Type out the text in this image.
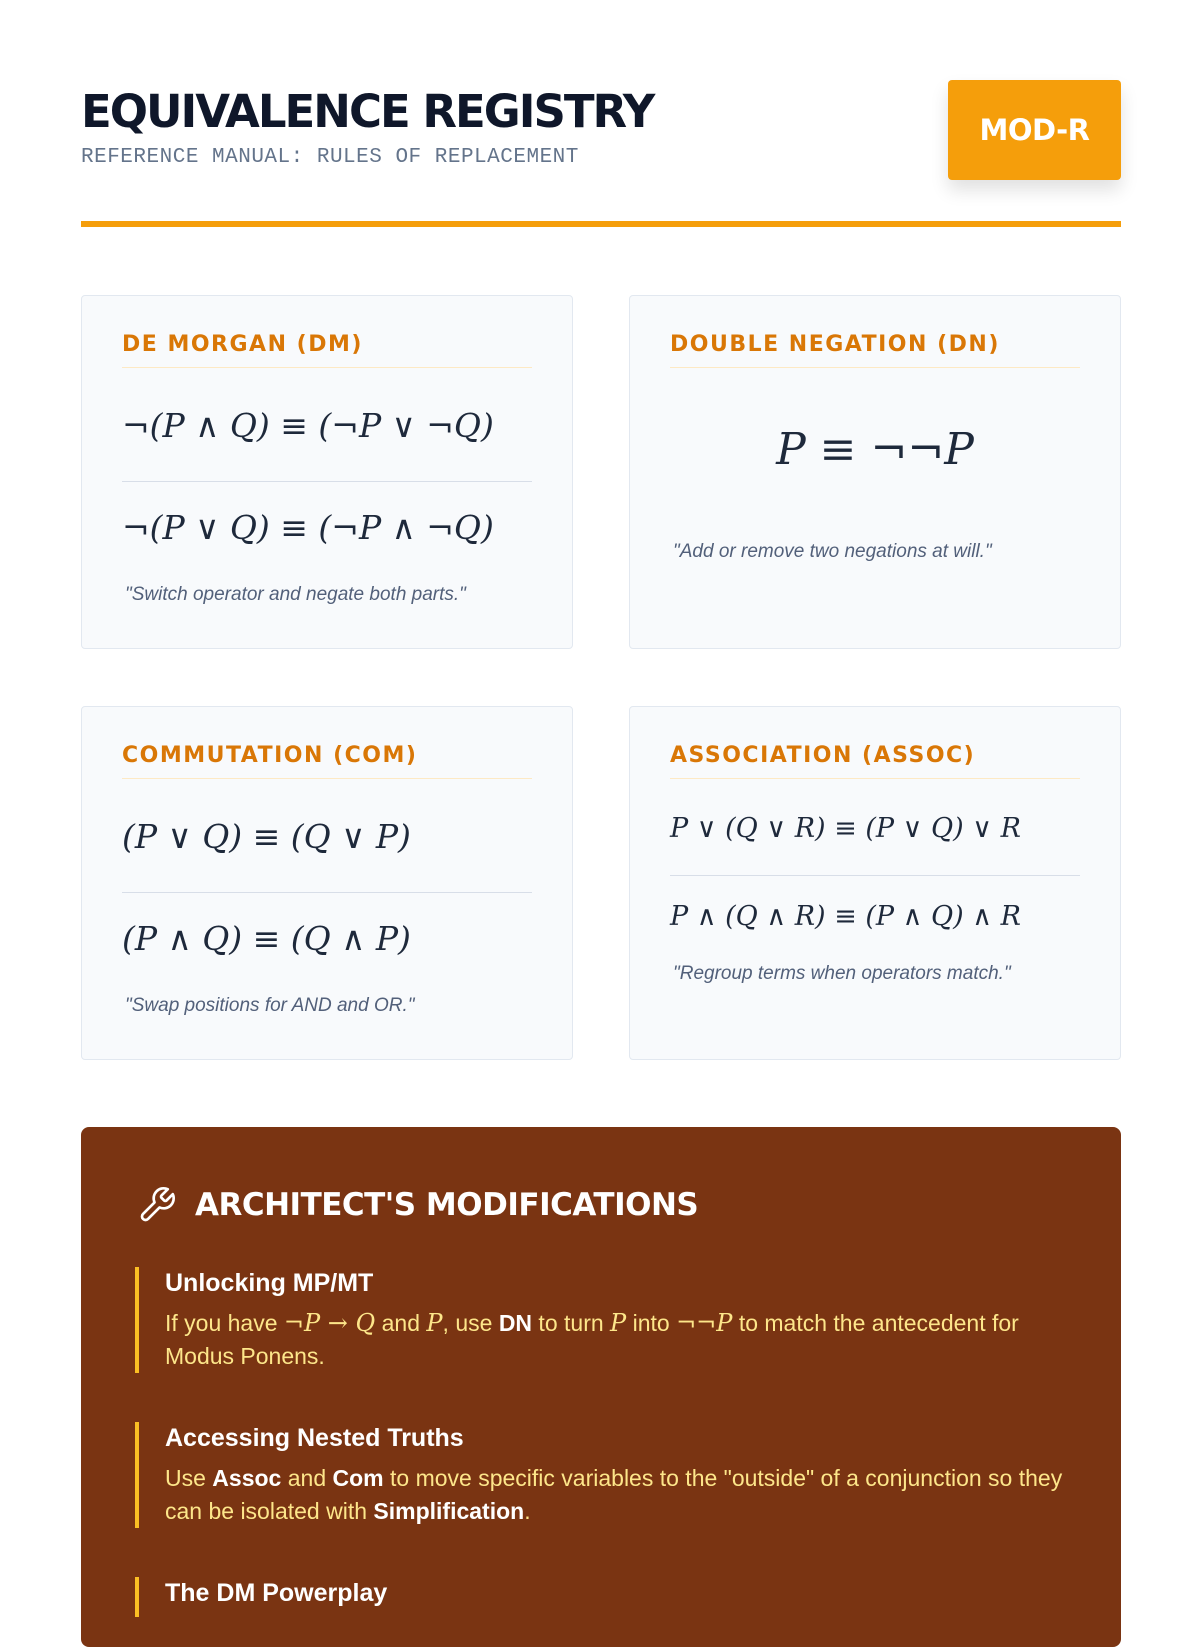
EQUIVALENCE REGISTRY
REFERENCE MANUAL: RULES OF REPLACEMENT
MOD-R
DE MORGAN (DM)
¬(P ∧ Q) ≡ (¬P ∨ ¬Q)
¬(P ∨ Q) ≡ (¬P ∧ ¬Q)
"Switch operator and negate both parts."
DOUBLE NEGATION (DN)
P ≡ ¬¬P
"Add or remove two negations at will."
COMMUTATION (COM)
(P ∨ Q) ≡ (Q ∨ P)
(P ∧ Q) ≡ (Q ∧ P)
"Swap positions for AND and OR."
ASSOCIATION (ASSOC)
P ∨ (Q ∨ R) ≡ (P ∨ Q) ∨ R
P ∧ (Q ∧ R) ≡ (P ∧ Q) ∧ R
"Regroup terms when operators match."
ARCHITECT'S MODIFICATIONS

Unlocking MP/MT

If you have ¬P → Q and P, use DN to turn P into ¬¬P to match the antecedent for Modus Ponens.

Accessing Nested Truths

Use Assoc and Com to move specific variables to the "outside" of a conjunction so they can be isolated with Simplification.

The DM Powerplay
